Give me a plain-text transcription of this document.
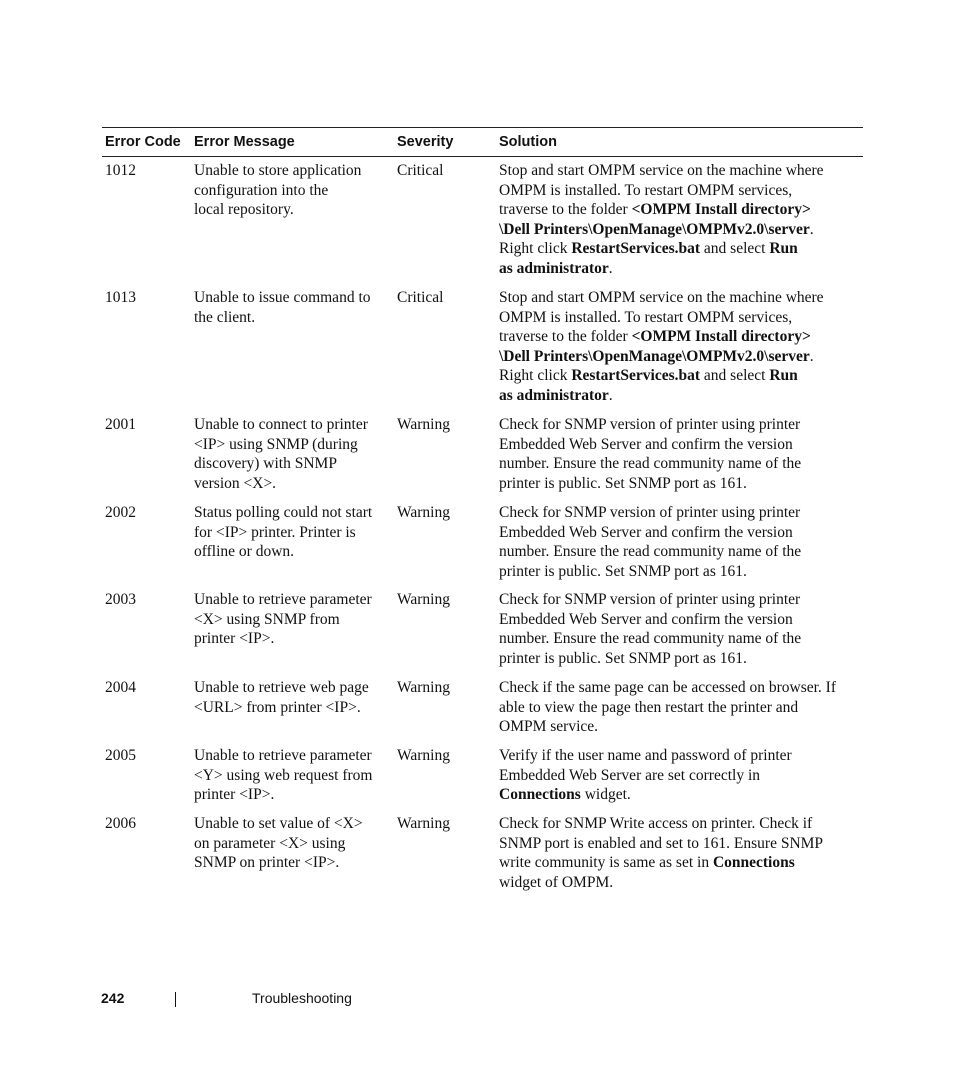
Error Code Error Message	Severity	Solution
1012	Unable to store application
configuration into the
local repository.
Critical	Stop and start OMPM service on the machine where
OMPM is installed. To restart OMPM services,
traverse to the folder <OMPM Install directory>
\Dell Printers\OpenManage\OMPMv2.0\server.
Right click RestartServices.bat and select Run
as administrator.
1013	Unable to issue command to
the client.
Critical	Stop and start OMPM service on the machine where
OMPM is installed. To restart OMPM services,
traverse to the folder <OMPM Install directory>
\Dell Printers\OpenManage\OMPMv2.0\server.
Right click RestartServices.bat and select Run
as administrator.
2001	Unable to connect to printer
<IP> using SNMP (during
discovery) with SNMP
version <X>.
Warning	Check for SNMP version of printer using printer
Embedded Web Server and confirm the version
number. Ensure the read community name of the
printer is public. Set SNMP port as 161.
2002	Status polling could not start
for <IP> printer. Printer is
offline or down.
Warning	Check for SNMP version of printer using printer
Embedded Web Server and confirm the version
number. Ensure the read community name of the
printer is public. Set SNMP port as 161.
2003	Unable to retrieve parameter
<X> using SNMP from
printer <IP>.
Warning	Check for SNMP version of printer using printer
Embedded Web Server and confirm the version
number. Ensure the read community name of the
printer is public. Set SNMP port as 161.
2004	Unable to retrieve web page
<URL> from printer <IP>.
Warning	Check if the same page can be accessed on browser. If
able to view the page then restart the printer and
OMPM service.
2005	Unable to retrieve parameter
<Y> using web request from
printer <IP>.
Warning	Verify if the user name and password of printer
Embedded Web Server are set correctly in
Connections widget.
2006	Unable to set value of <X>
on parameter <X> using
SNMP on printer <IP>.
Warning	Check for SNMP Write access on printer. Check if
SNMP port is enabled and set to 161. Ensure SNMP
write community is same as set in Connections
widget of OMPM.
242	Troubleshooting
